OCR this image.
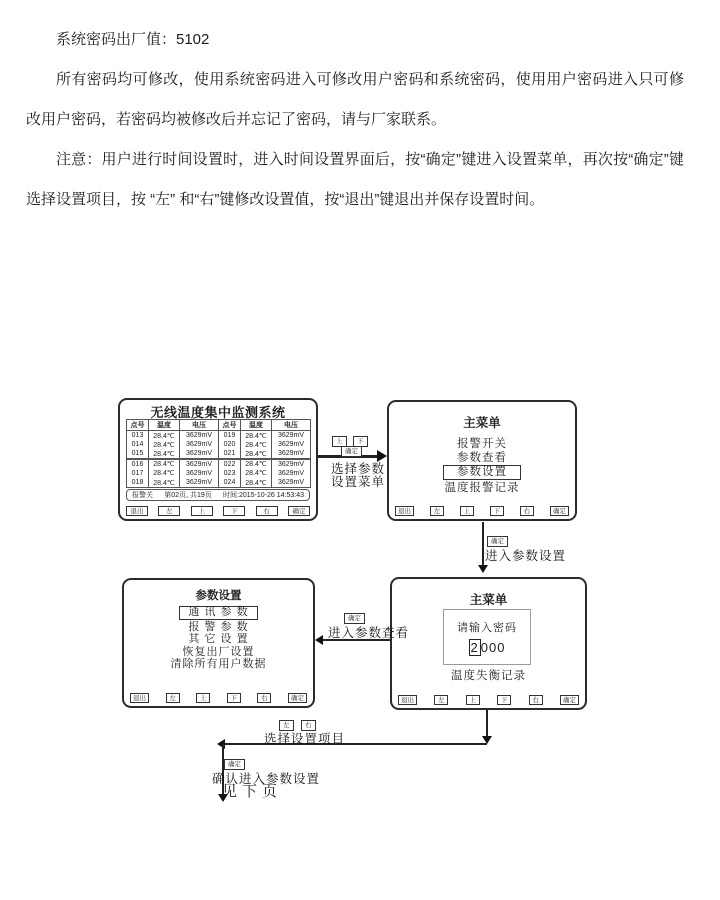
系统密码出厂值：5102

所有密码均可修改，使用系统密码进入可修改用户密码和系统密码，使用用户密码进入只可修改用户密码，若密码均被修改后并忘记了密码，请与厂家联系。

注意：用户进行时间设置时，进入时间设置界面后，按“确定”键进入设置菜单，再次按“确定”键选择设置项目，按 “左” 和“右”键修改设置值，按“退出”键退出并保存设置时间。

无线温度集中监测系统
点号	温度	电压	点号	温度	电压
013	28.4℃	3629mV	019	28.4℃	3629mV
014	28.4℃	3629mV	020	28.4℃	3629mV
015	28.4℃	3629mV	021	28.4℃	3629mV
016	28.4℃	3629mV	022	28.4℃	3629mV
017	28.4℃	3629mV	023	28.4℃	3629mV
018	28.4℃	3629mV	024	28.4℃	3629mV
报警关 第02页, 共19页 时间:2015-10-26 14:53:43
退出	左	上	下	右	确定
主菜单
报警开关
参数查看
参数设置
温度报警记录
退出	左	上	下	右	确定
参数设置
通 讯 参 数
报 警 参 数
其 它 设 置
恢复出厂设置
清除所有用户数据
退出	左	上	下	右	确定
主菜单
请输入密码
2 000
温度失衡记录
退出	左	上	下	右	确定
上	下
确定
选择参数
设置菜单
确定
进入参数设置
确定
进入参数查看
左	右
选择设置项目
确定
确认进入参数设置
见下页
